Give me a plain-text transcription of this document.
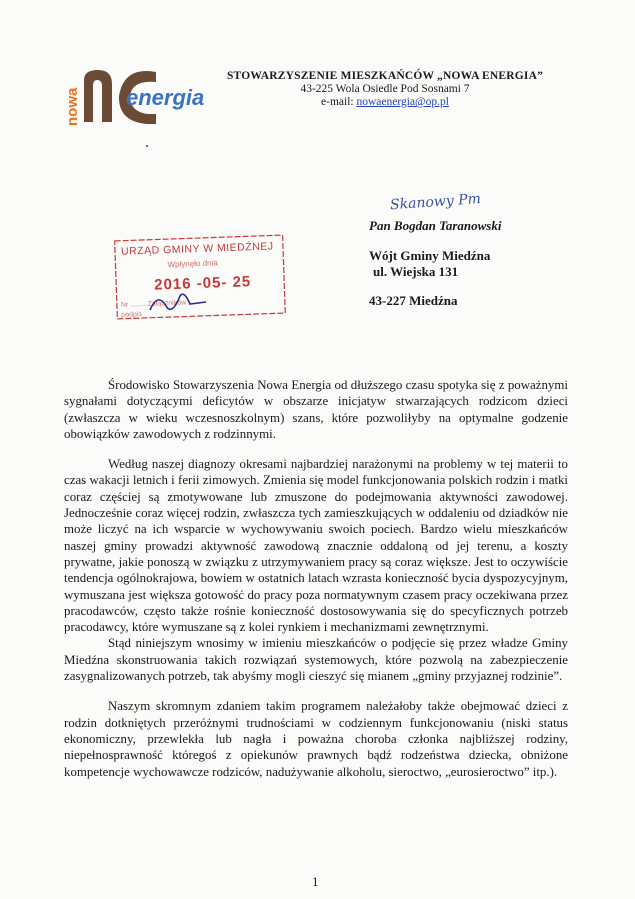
nowa energia
STOWARZYSZENIE MIESZKAŃCÓW „NOWA ENERGIA”
43-225 Wola Osiedle Pod Sosnami 7
e-mail: nowaenergia@op.pl
Skanowy Pm
Pan Bogdan Taranowski
Wójt Gminy Miedźna
ul. Wiejska 131
43-227 Miedźna
URZĄD GMINY W MIEDŹNEJ
Wpłynęło dnia
2016 -05- 25
Nr ........ Załączników ......
podpis

Środowisko Stowarzyszenia Nowa Energia od dłuższego czasu spotyka się z poważnymi sygnałami dotyczącymi deficytów w obszarze inicjatyw stwarzających rodzicom dzieci (zwłaszcza w wieku wczesnoszkolnym) szans, które pozwoliłyby na optymalne godzenie obowiązków zawodowych z rodzinnymi.

Według naszej diagnozy okresami najbardziej narażonymi na problemy w tej materii to czas wakacji letnich i ferii zimowych. Zmienia się model funkcjonowania polskich rodzin i matki coraz częściej są zmotywowane lub zmuszone do podejmowania aktywności zawodowej. Jednocześnie coraz więcej rodzin, zwłaszcza tych zamieszkujących w oddaleniu od dziadków nie może liczyć na ich wsparcie w wychowywaniu swoich pociech. Bardzo wielu mieszkańców naszej gminy prowadzi aktywność zawodową znacznie oddaloną od jej terenu, a koszty prywatne, jakie ponoszą w związku z utrzymywaniem pracy są coraz większe. Jest to oczywiście tendencja ogólnokrajowa, bowiem w ostatnich latach wzrasta konieczność bycia dyspozycyjnym, wymuszana jest większa gotowość do pracy poza normatywnym czasem pracy oczekiwana przez pracodawców, często także rośnie konieczność dostosowywania się do specyficznych potrzeb pracodawcy, które wymuszane są z kolei rynkiem i mechanizmami zewnętrznymi.

Stąd niniejszym wnosimy w imieniu mieszkańców o podjęcie się przez władze Gminy Miedźna skonstruowania takich rozwiązań systemowych, które pozwolą na zabezpieczenie zasygnalizowanych potrzeb, tak abyśmy mogli cieszyć się mianem „gminy przyjaznej rodzinie”.

Naszym skromnym zdaniem takim programem należałoby także obejmować dzieci z rodzin dotkniętych przeróżnymi trudnościami w codziennym funkcjonowaniu (niski status ekonomiczny, przewlekła lub nagła i poważna choroba członka najbliższej rodziny, niepełnosprawność któregoś z opiekunów prawnych bądź rodzeństwa dziecka, obniżone kompetencje wychowawcze rodziców, nadużywanie alkoholu, sieroctwo, „eurosieroctwo” itp.).

1
